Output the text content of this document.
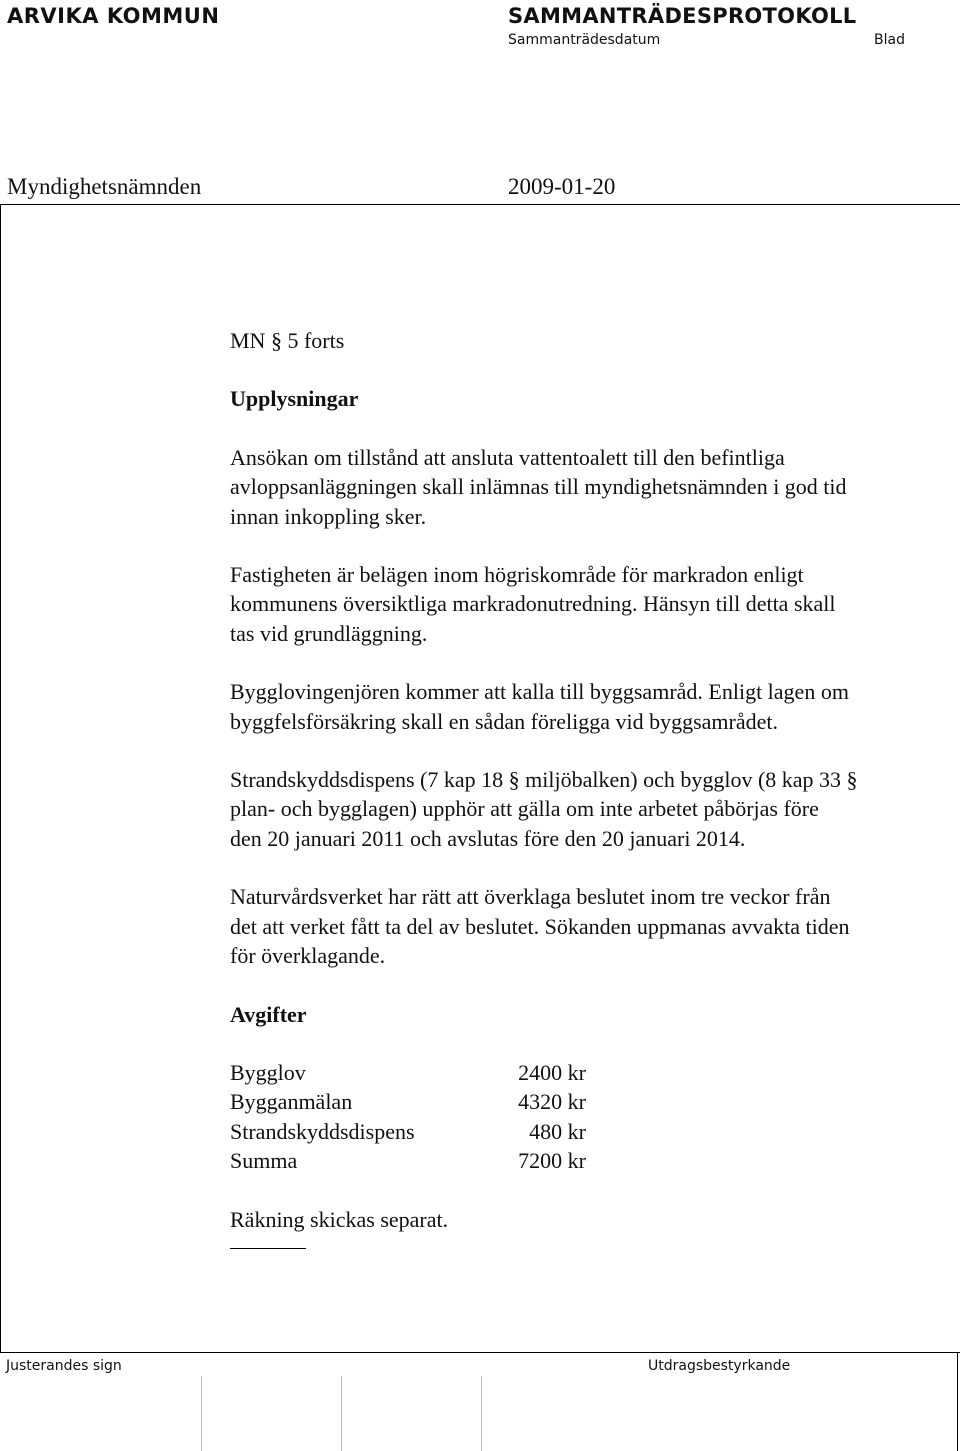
ARVIKA KOMMUN	SAMMANTRÄDESPROTOKOLL
Sammanträdesdatum	Blad
Myndighetsnämnden	2009-01-20

MN § 5 forts

Upplysningar

Ansökan om tillstånd att ansluta vattentoalett till den befintliga

avloppsanläggningen skall inlämnas till myndighetsnämnden i god tid

innan inkoppling sker.

Fastigheten är belägen inom högriskområde för markradon enligt

kommunens översiktliga markradonutredning. Hänsyn till detta skall

tas vid grundläggning.

Bygglovingenjören kommer att kalla till byggsamråd. Enligt lagen om

byggfelsförsäkring skall en sådan föreligga vid byggsamrådet.

Strandskyddsdispens (7 kap 18 § miljöbalken) och bygglov (8 kap 33 §

plan- och bygglagen) upphör att gälla om inte arbetet påbörjas före

den 20 januari 2011 och avslutas före den 20 januari 2014.

Naturvårdsverket har rätt att överklaga beslutet inom tre veckor från

det att verket fått ta del av beslutet. Sökanden uppmanas avvakta tiden

för överklagande.

Avgifter

Bygglov	2400 kr
Bygganmälan	4320 kr
Strandskyddsdispens	480 kr
Summa	7200 kr

Räkning skickas separat.

Justerandes sign	Utdragsbestyrkande
